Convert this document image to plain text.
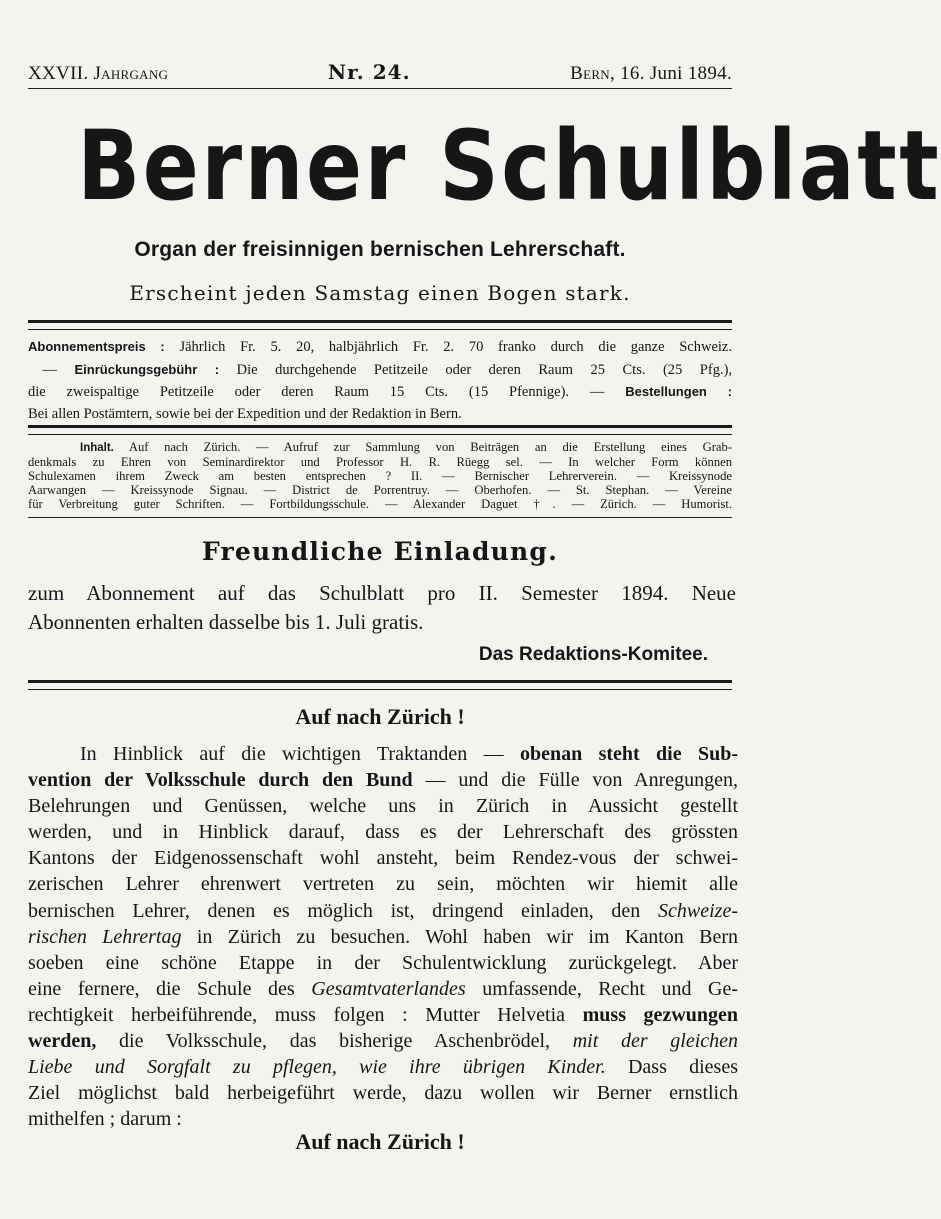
XXVII. Jahrgang	Nr. 24.	Bern, 16. Juni 1894.
Berner Schulblatt
Organ der freisinnigen bernischen Lehrerschaft.
Erscheint jeden Samstag einen Bogen stark.
Abonnementspreis : Jährlich Fr. 5. 20, halbjährlich Fr. 2. 70 franko durch die ganze Schweiz.
 — Einrückungsgebühr : Die durchgehende Petitzeile oder deren Raum 25 Cts. (25 Pfg.),
die zweispaltige Petitzeile oder deren Raum 15 Cts. (15 Pfennige). — Bestellungen :
Bei allen Postämtern, sowie bei der Expedition und der Redaktion in Bern.
Inhalt. Auf nach Zürich. — Aufruf zur Sammlung von Beiträgen an die Erstellung eines Grab-
denkmals zu Ehren von Seminardirektor und Professor H. R. Rüegg sel. — In welcher Form können
Schulexamen ihrem Zweck am besten entsprechen ? II. — Bernischer Lehrerverein. — Kreissynode
Aarwangen — Kreissynode Signau. — District de Porrentruy. — Oberhofen. — St. Stephan. — Vereine
für Verbreitung guter Schriften. — Fortbildungsschule. — Alexander Daguet †. — Zürich. — Humorist.
Freundliche Einladung.
zum Abonnement auf das Schulblatt pro II. Semester 1894. Neue
Abonnenten erhalten dasselbe bis 1. Juli gratis.
Das Redaktions-Komitee.
Auf nach Zürich !
In Hinblick auf die wichtigen Traktanden — obenan steht die Sub-
vention der Volksschule durch den Bund — und die Fülle von Anregungen,
Belehrungen und Genüssen, welche uns in Zürich in Aussicht gestellt
werden, und in Hinblick darauf, dass es der Lehrerschaft des grössten
Kantons der Eidgenossenschaft wohl ansteht, beim Rendez-vous der schwei-
zerischen Lehrer ehrenwert vertreten zu sein, möchten wir hiemit alle
bernischen Lehrer, denen es möglich ist, dringend einladen, den Schweize-
rischen Lehrertag in Zürich zu besuchen. Wohl haben wir im Kanton Bern
soeben eine schöne Etappe in der Schulentwicklung zurückgelegt. Aber
eine fernere, die Schule des Gesamtvaterlandes umfassende, Recht und Ge-
rechtigkeit herbeiführende, muss folgen : Mutter Helvetia muss gezwungen
werden, die Volksschule, das bisherige Aschenbrödel, mit der gleichen
Liebe und Sorgfalt zu pflegen, wie ihre übrigen Kinder. Dass dieses
Ziel möglichst bald herbeigeführt werde, dazu wollen wir Berner ernstlich
mithelfen ; darum :
Auf nach Zürich !
